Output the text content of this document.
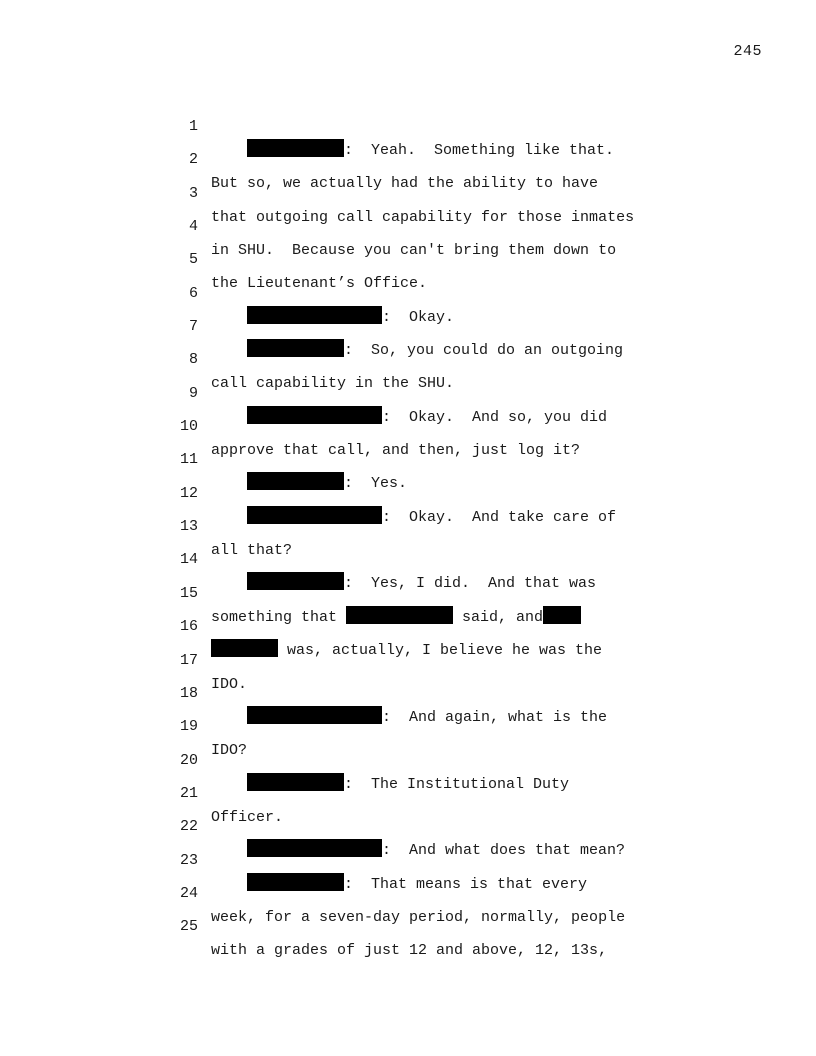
245

1

:  Yeah.  Something like that.

2

But so, we actually had the ability to have

3

that outgoing call capability for those inmates

4

in SHU.  Because you can't bring them down to

5

the Lieutenant’s Office.

6

:  Okay.

7

:  So, you could do an outgoing

8

call capability in the SHU.

9

:  Okay.  And so, you did

10

approve that call, and then, just log it?

11

:  Yes.

12

:  Okay.  And take care of

13

all that?

14

:  Yes, I did.  And that was

15

something that	said, and

16

was, actually, I believe he was the

17

IDO.

18

:  And again, what is the

19

IDO?

20

:  The Institutional Duty

21

Officer.

22

:  And what does that mean?

23

:  That means is that every

24

week, for a seven-day period, normally, people

25

with a grades of just 12 and above, 12, 13s,
